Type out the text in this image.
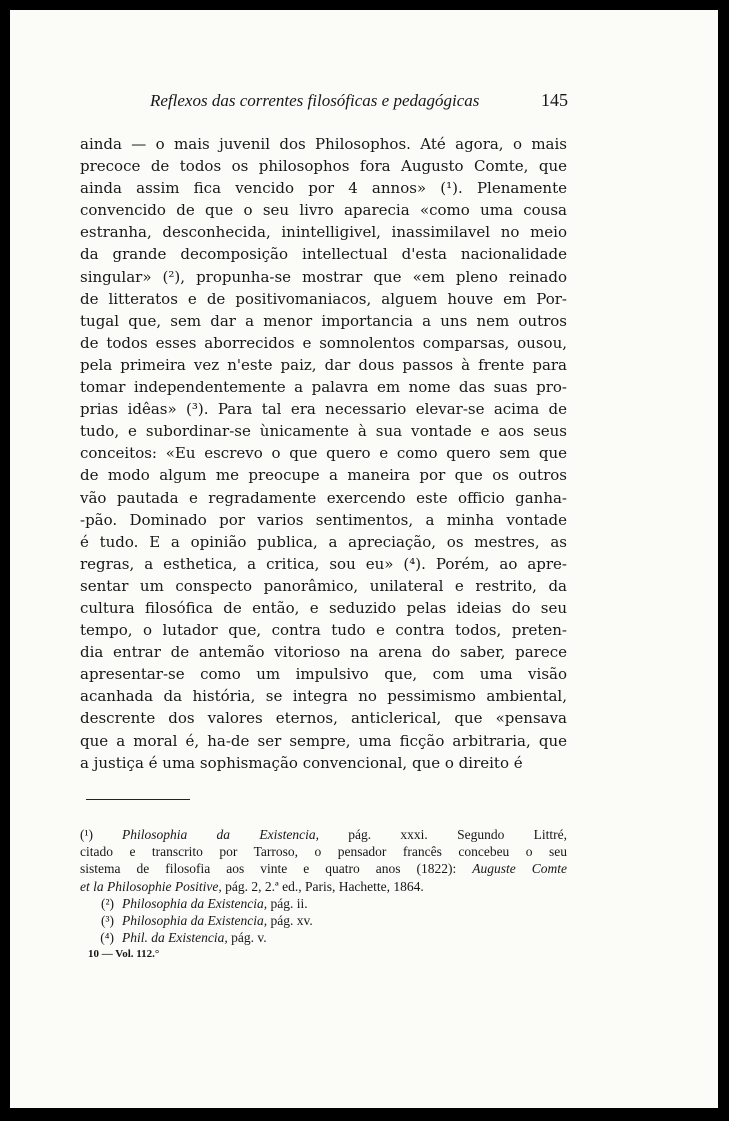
Reflexos das correntes filosóficas e pedagógicas	145
ainda — o mais juvenil dos Philosophos. Até agora, o mais
precoce de todos os philosophos fora Augusto Comte, que
ainda assim fica vencido por 4 annos» (¹). Plenamente
convencido de que o seu livro aparecia «como uma cousa
estranha, desconhecida, inintelligivel, inassimilavel no meio
da grande decomposição intellectual d'esta nacionalidade
singular» (²), propunha-se mostrar que «em pleno reinado
de litteratos e de positivomaniacos, alguem houve em Por-
tugal que, sem dar a menor importancia a uns nem outros
de todos esses aborrecidos e somnolentos comparsas, ousou,
pela primeira vez n'este paiz, dar dous passos à frente para
tomar independentemente a palavra em nome das suas pro-
prias idêas» (³). Para tal era necessario elevar-se acima de
tudo, e subordinar-se ùnicamente à sua vontade e aos seus
conceitos: «Eu escrevo o que quero e como quero sem que
de modo algum me preocupe a maneira por que os outros
vão pautada e regradamente exercendo este officio ganha-
-pão. Dominado por varios sentimentos, a minha vontade
é tudo. E a opinião publica, a apreciação, os mestres, as
regras, a esthetica, a critica, sou eu» (⁴). Porém, ao apre-
sentar um conspecto panorâmico, unilateral e restrito, da
cultura filosófica de então, e seduzido pelas ideias do seu
tempo, o lutador que, contra tudo e contra todos, preten-
dia entrar de antemão vitorioso na arena do saber, parece
apresentar-se como um impulsivo que, com uma visão
acanhada da história, se integra no pessimismo ambiental,
descrente dos valores eternos, anticlerical, que «pensava
que a moral é, ha-de ser sempre, uma ficção arbitraria, que
a justiça é uma sophismação convencional, que o direito é
(¹) Philosophia da Existencia, pág. xxxi. Segundo Littré,
citado e transcrito por Tarroso, o pensador francês concebeu o seu
sistema de filosofia aos vinte e quatro anos (1822): Auguste Comte
et la Philosophie Positive, pág. 2, 2.ª ed., Paris, Hachette, 1864.
(²) Philosophia da Existencia, pág. ii.
(³) Philosophia da Existencia, pág. xv.
(⁴) Phil. da Existencia, pág. v.
10 — Vol. 112.°
